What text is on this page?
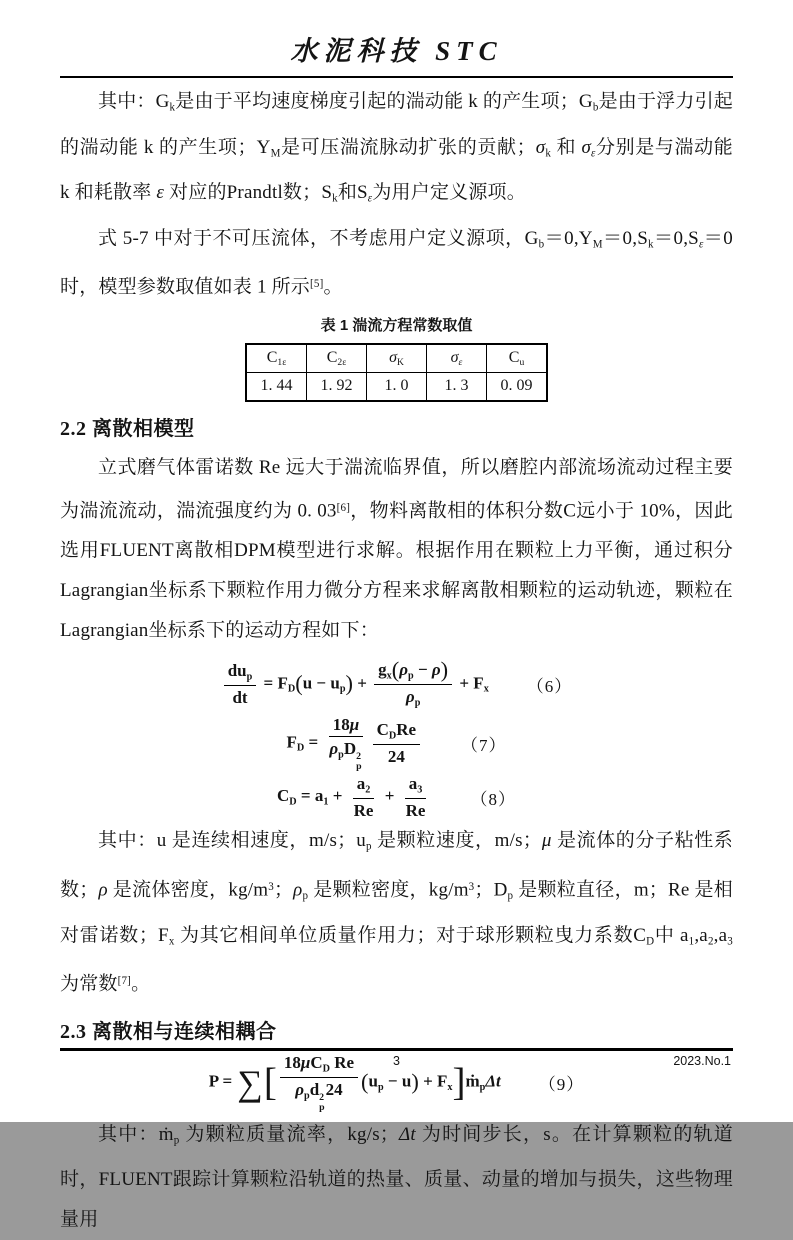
水泥科技 STC

其中：$G_k$是由于平均速度梯度引起的湍动能 k 的产生项；$G_b$是由于浮力引起的湍动能 k 的产生项；$Y_M$是可压湍流脉动扩张的贡献；$\sigma_k$ 和 $\sigma_\varepsilon$分别是与湍动能 k 和耗散率 ε 对应的Prandtl数；$S_k$和$S_\varepsilon$为用户定义源项。

式 5-7 中对于不可压流体，不考虑用户定义源项，$G_b=0,Y_M=0,S_k=0,S_\varepsilon=0$ 时，模型参数取值如表 1 所示[5]。

表 1 湍流方程常数取值
$C_{1\varepsilon}$	$C_{2\varepsilon}$	$\sigma_K$	$\sigma_\varepsilon$	$C_u$
1. 44	1. 92	1. 0	1. 3	0. 09
2.2 离散相模型

立式磨气体雷诺数 Re 远大于湍流临界值，所以磨腔内部流场流动过程主要为湍流流动，湍流强度约为 0. 03[6]，物料离散相的体积分数C远小于 10%，因此选用FLUENT离散相DPM模型进行求解。根据作用在颗粒上力平衡，通过积分Lagrangian坐标系下颗粒作用力微分方程来求解离散相颗粒的运动轨迹，颗粒在Lagrangian坐标系下的运动方程如下：

$\frac{du_p}{dt} = F_D(u - u_p) + \frac{g_x(\rho_p - \rho)}{\rho_p} + F_x$ （6）
$F_D = 18\mu$
$\rho_pD$ 2
p $\frac{C_DRe}{24} (7)$
$C_D = a_1 + \frac{a_2}{Re} + \frac{a_3}{Re} (8)$

其中：u 是连续相速度，m/s；$u_p$ 是颗粒速度，m/s；μ 是流体的分子粘性系数；ρ 是流体密度，$kg/m^3$；$\rho_p$ 是颗粒密度，$kg/m^3$；$D_p$ 是颗粒直径，m；Re 是相对雷诺数；$F_x$ 为其它相间单位质量作用力；对于球形颗粒曳力系数$C_D$中 $a_1,a_2,a_3$ 为常数[7]。

2.3 离散相与连续相耦合
P = ∑[ $18\mu C_D$ Re
$\rho_pd$ 2
p
24 $(u_p - u)$ + $F_x]ṁ_p\Delta t$ （9）

其中：ṁ$_p$ 为颗粒质量流率，kg/s；Δt 为时间步长，s。在计算颗粒的轨道时，FLUENT跟踪计算颗粒沿轨道的热量、质量、动量的增加与损失，这些物理量用

3	2023.No.1
